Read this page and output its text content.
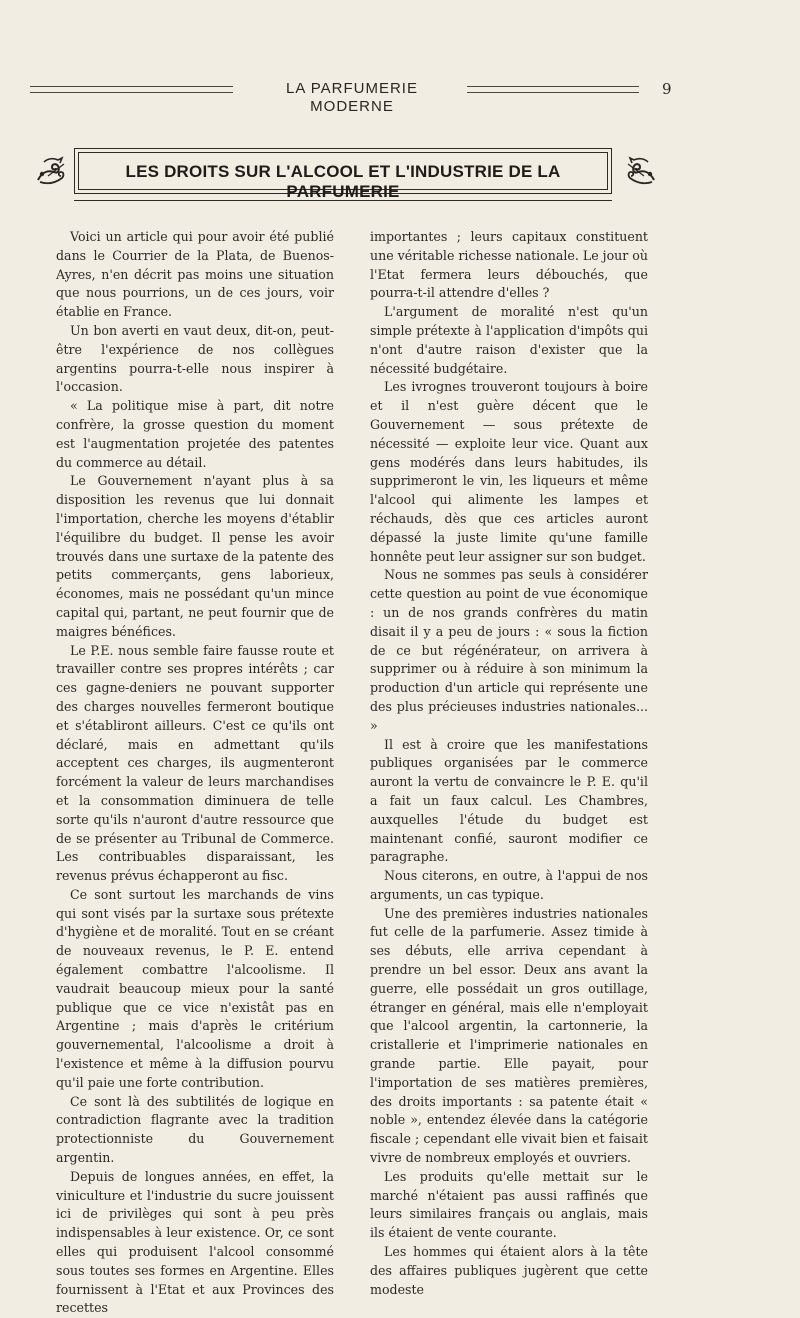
LA PARFUMERIE MODERNE
9
LES DROITS SUR L'ALCOOL ET L'INDUSTRIE DE LA PARFUMERIE

Voici un article qui pour avoir été publié dans le Courrier de la Plata, de Buenos-Ayres, n'en décrit pas moins une situation que nous pourrions, un de ces jours, voir établie en France.

Un bon averti en vaut deux, dit-on, peut-être l'expérience de nos collègues argentins pourra-t-elle nous inspirer à l'occasion.

« La politique mise à part, dit notre confrère, la grosse question du moment est l'augmentation projetée des patentes du commerce au détail.

Le Gouvernement n'ayant plus à sa disposition les revenus que lui donnait l'importation, cherche les moyens d'établir l'équilibre du budget. Il pense les avoir trouvés dans une surtaxe de la patente des petits commerçants, gens laborieux, économes, mais ne possédant qu'un mince capital qui, partant, ne peut fournir que de maigres bénéfices.

Le P.E. nous semble faire fausse route et travailler contre ses propres intérêts ; car ces gagne-deniers ne pouvant supporter des charges nouvelles fermeront boutique et s'établiront ailleurs. C'est ce qu'ils ont déclaré, mais en admettant qu'ils acceptent ces charges, ils augmenteront forcément la valeur de leurs marchandises et la consommation diminuera de telle sorte qu'ils n'auront d'autre ressource que de se présenter au Tribunal de Commerce. Les contribuables disparaissant, les revenus prévus échapperont au fisc.

Ce sont surtout les marchands de vins qui sont visés par la surtaxe sous prétexte d'hygiène et de moralité. Tout en se créant de nouveaux revenus, le P. E. entend également combattre l'alcoolisme. Il vaudrait beaucoup mieux pour la santé publique que ce vice n'existât pas en Argentine ; mais d'après le critérium gouvernemental, l'alcoolisme a droit à l'existence et même à la diffusion pourvu qu'il paie une forte contribution.

Ce sont là des subtilités de logique en contradiction flagrante avec la tradition protectionniste du Gouvernement argentin.

Depuis de longues années, en effet, la viniculture et l'industrie du sucre jouissent ici de privilèges qui sont à peu près indispensables à leur existence. Or, ce sont elles qui produisent l'alcool consommé sous toutes ses formes en Argentine. Elles fournissent à l'Etat et aux Provinces des recettes

importantes ; leurs capitaux constituent une véritable richesse nationale. Le jour où l'Etat fermera leurs débouchés, que pourra-t-il attendre d'elles ?

L'argument de moralité n'est qu'un simple prétexte à l'application d'impôts qui n'ont d'autre raison d'exister que la nécessité budgétaire.

Les ivrognes trouveront toujours à boire et il n'est guère décent que le Gouvernement — sous prétexte de nécessité — exploite leur vice. Quant aux gens modérés dans leurs habitudes, ils supprimeront le vin, les liqueurs et même l'alcool qui alimente les lampes et réchauds, dès que ces articles auront dépassé la juste limite qu'une famille honnête peut leur assigner sur son budget.

Nous ne sommes pas seuls à considérer cette question au point de vue économique : un de nos grands confrères du matin disait il y a peu de jours : « sous la fiction de ce but régénérateur, on arrivera à supprimer ou à réduire à son minimum la production d'un article qui représente une des plus précieuses industries nationales... »

Il est à croire que les manifestations publiques organisées par le commerce auront la vertu de convaincre le P. E. qu'il a fait un faux calcul. Les Chambres, auxquelles l'étude du budget est maintenant confié, sauront modifier ce paragraphe.

Nous citerons, en outre, à l'appui de nos arguments, un cas typique.

Une des premières industries nationales fut celle de la parfumerie. Assez timide à ses débuts, elle arriva cependant à prendre un bel essor. Deux ans avant la guerre, elle possédait un gros outillage, étranger en général, mais elle n'employait que l'alcool argentin, la cartonnerie, la cristallerie et l'imprimerie nationales en grande partie. Elle payait, pour l'importation de ses matières premières, des droits importants : sa patente était « noble », entendez élevée dans la catégorie fiscale ; cependant elle vivait bien et faisait vivre de nombreux employés et ouvriers.

Les produits qu'elle mettait sur le marché n'étaient pas aussi raffinés que leurs similaires français ou anglais, mais ils étaient de vente courante.

Les hommes qui étaient alors à la tête des affaires publiques jugèrent que cette modeste
